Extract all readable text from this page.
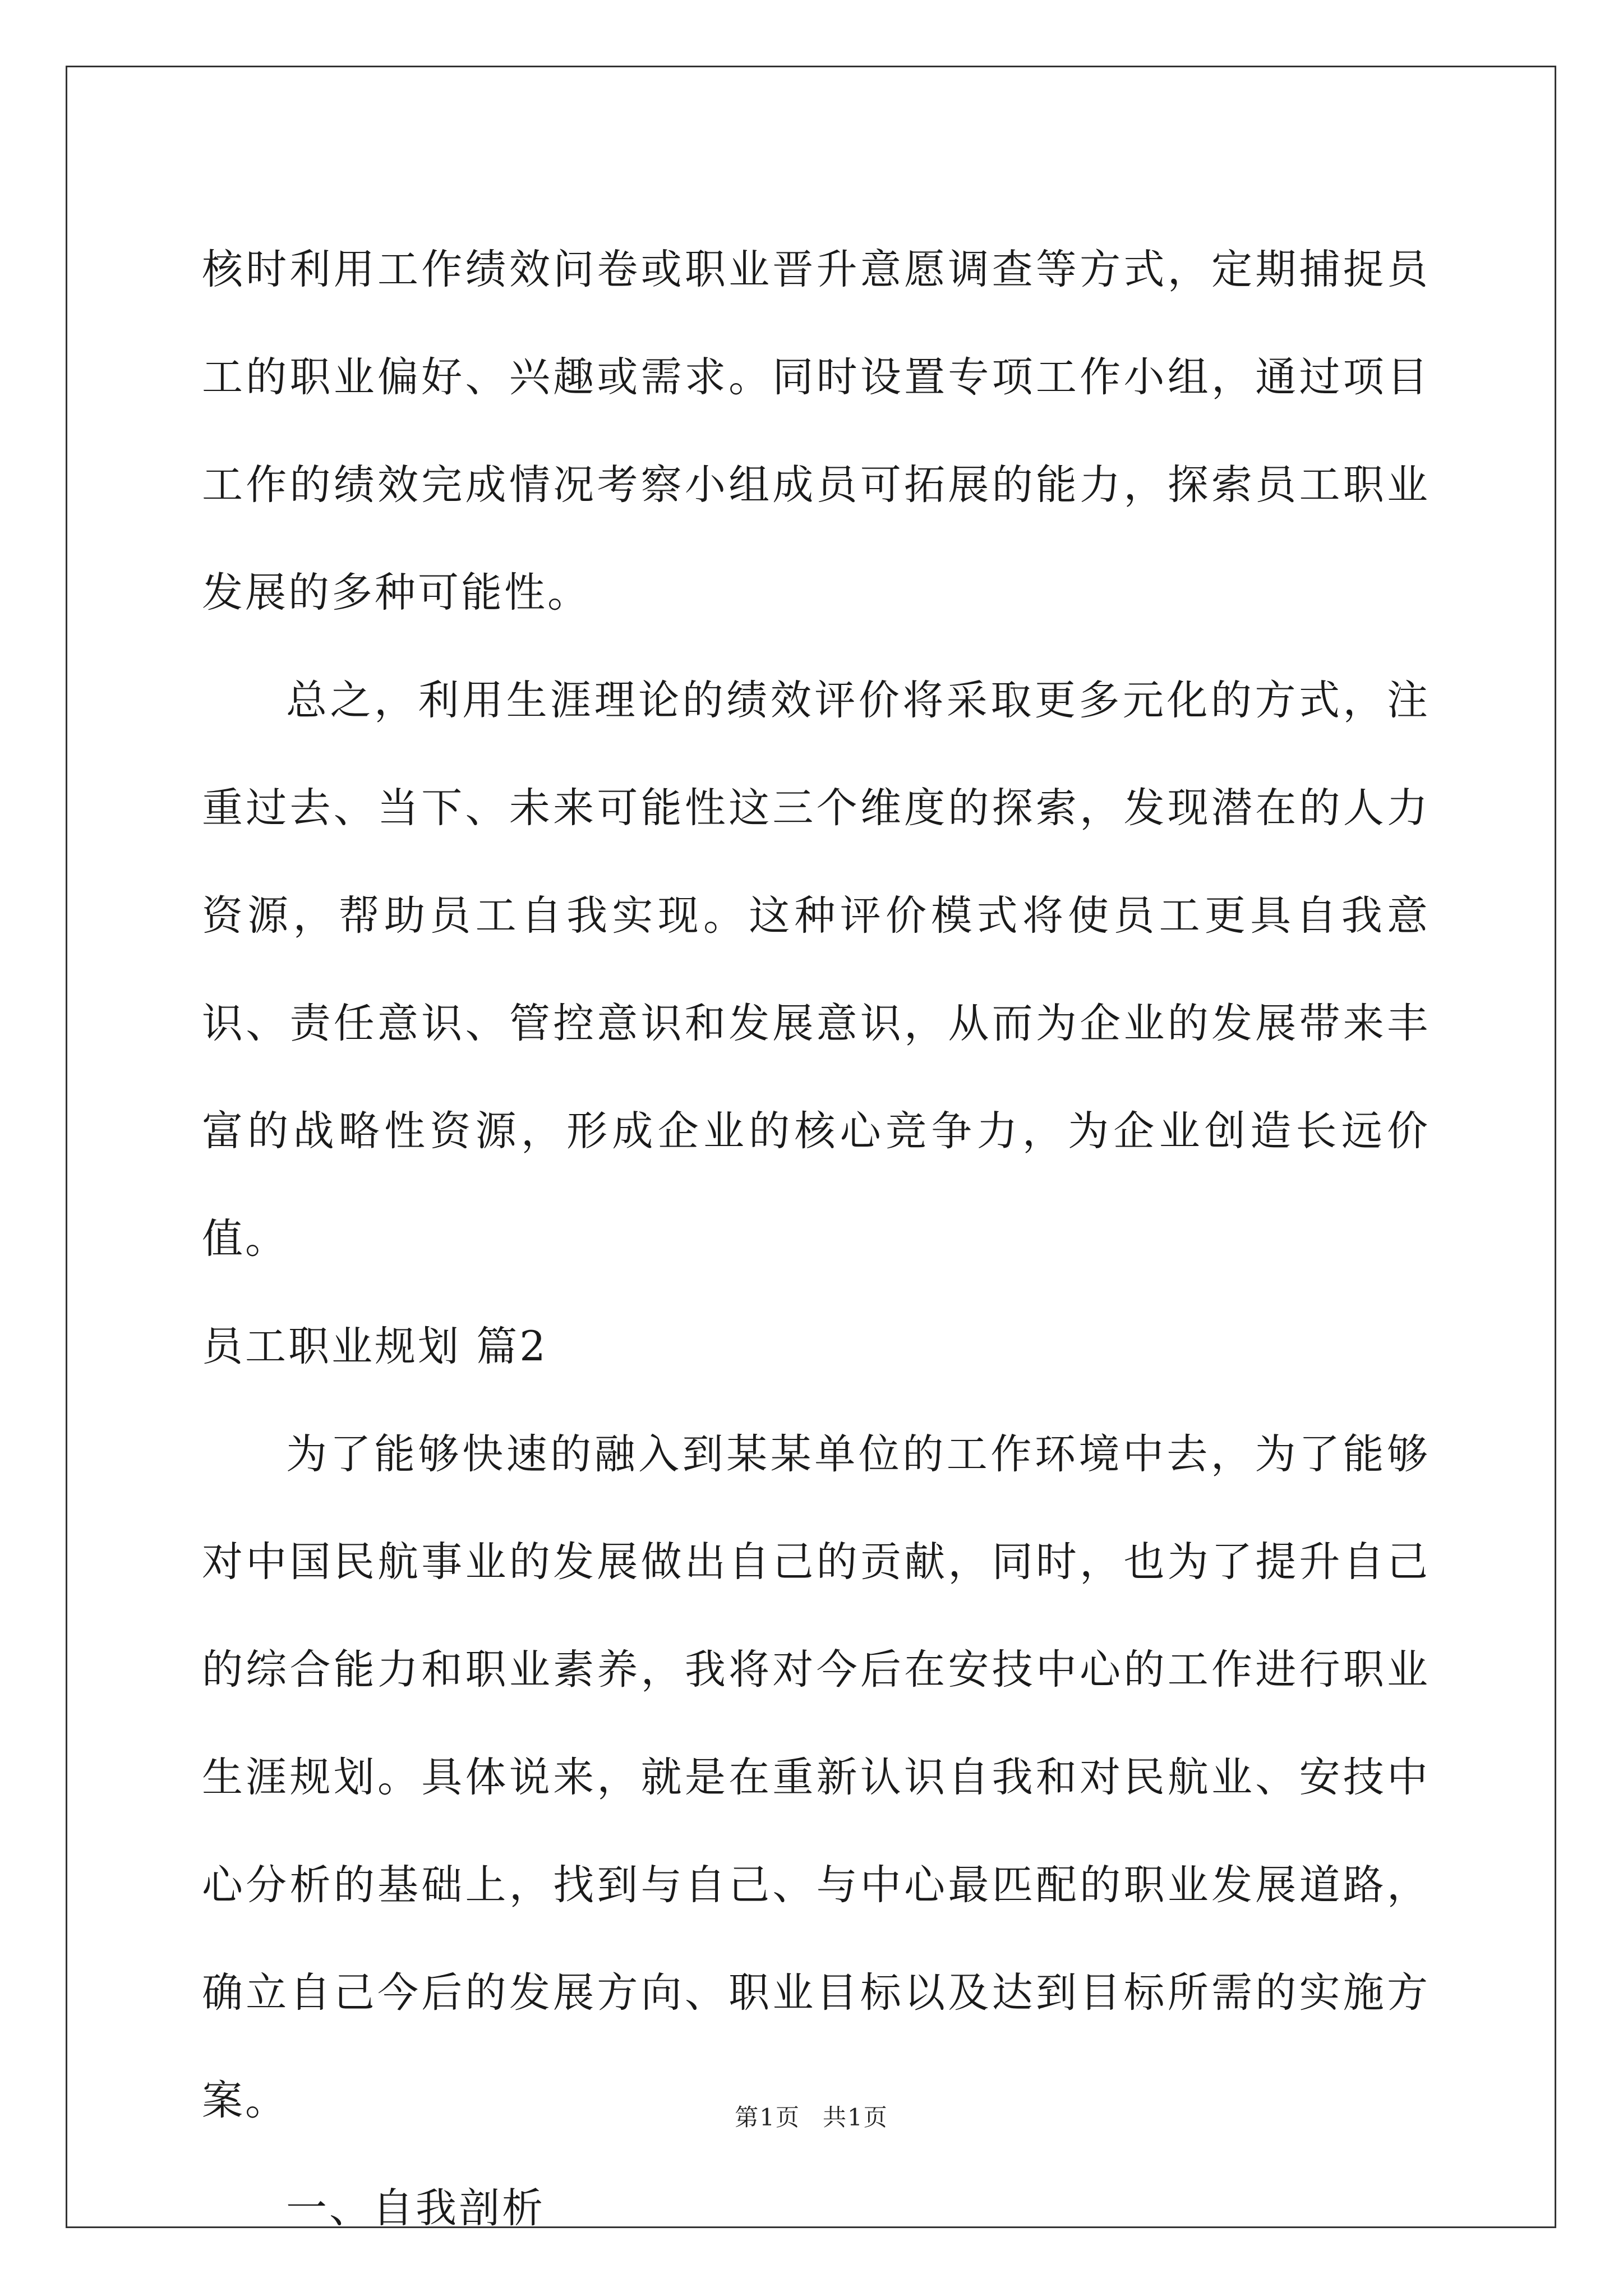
核时利用工作绩效问卷或职业晋升意愿调查等方式，定期捕捉员工的职业偏好、兴趣或需求。同时设置专项工作小组，通过项目工作的绩效完成情况考察小组成员可拓展的能力，探索员工职业发展的多种可能性。

总之，利用生涯理论的绩效评价将采取更多元化的方式，注重过去、当下、未来可能性这三个维度的探索，发现潜在的人力资源，帮助员工自我实现。这种评价模式将使员工更具自我意识、责任意识、管控意识和发展意识，从而为企业的发展带来丰富的战略性资源，形成企业的核心竞争力，为企业创造长远价值。

员工职业规划 篇2

为了能够快速的融入到某某单位的工作环境中去，为了能够对中国民航事业的发展做出自己的贡献，同时，也为了提升自己的综合能力和职业素养，我将对今后在安技中心的工作进行职业生涯规划。具体说来，就是在重新认识自我和对民航业、安技中心分析的基础上，找到与自己、与中心最匹配的职业发展道路，确立自己今后的发展方向、职业目标以及达到目标所需的实施方案。

一、自我剖析

第1页 共1页
